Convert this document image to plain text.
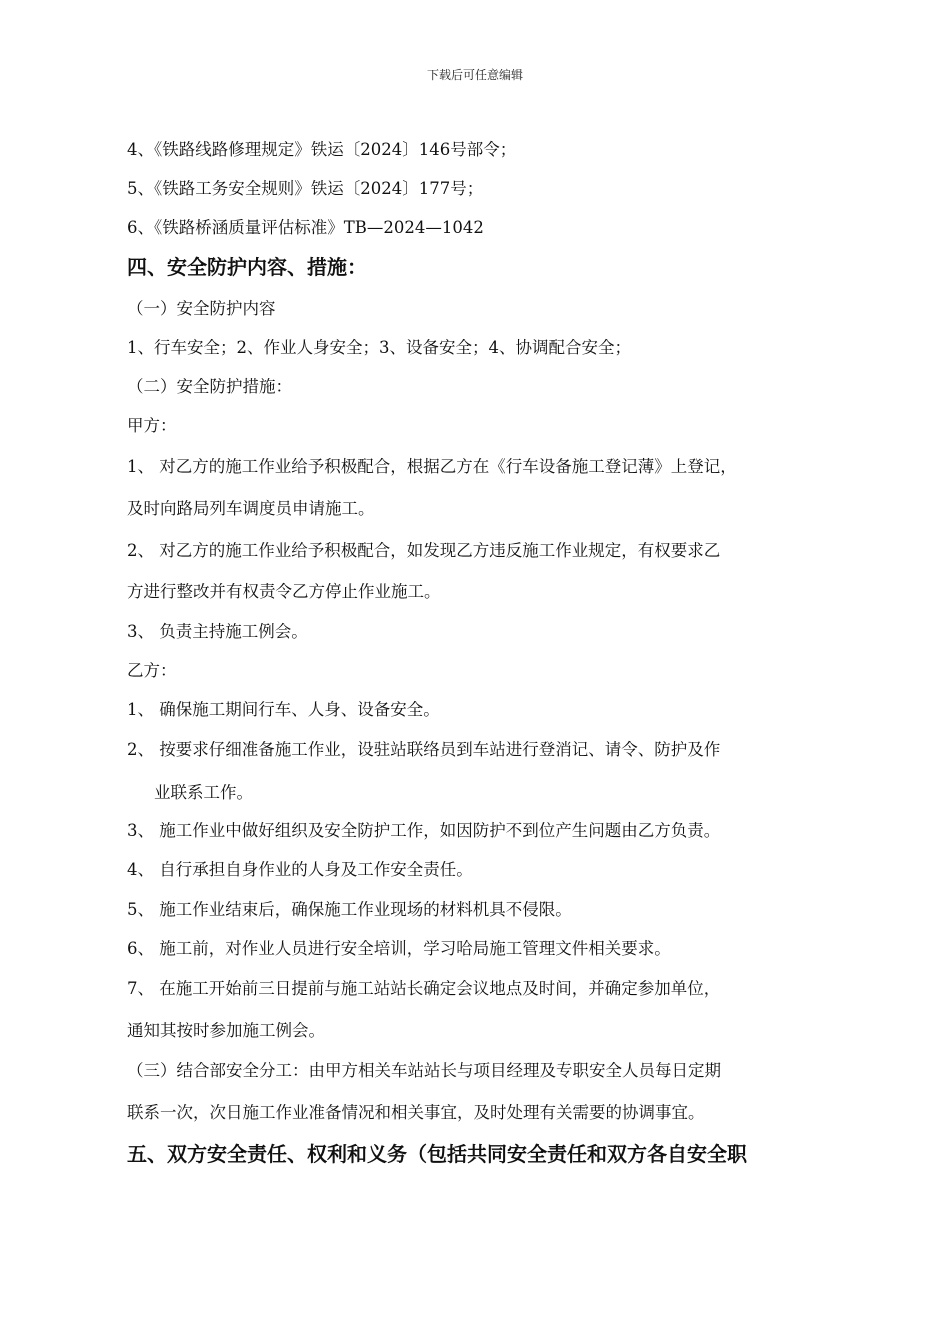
下载后可任意编辑
4、《铁路线路修理规定》铁运〔2024〕146号部令；
5、《铁路工务安全规则》铁运〔2024〕177号；
6、《铁路桥涵质量评估标准》TB—2024—1042
四、安全防护内容、措施：
（一）安全防护内容
1、行车安全；2、作业人身安全；3、设备安全；4、协调配合安全；
（二）安全防护措施：
甲方：
1、 对乙方的施工作业给予积极配合，根据乙方在《行车设备施工登记薄》上登记，
及时向路局列车调度员申请施工。
2、 对乙方的施工作业给予积极配合，如发现乙方违反施工作业规定，有权要求乙
方进行整改并有权责令乙方停止作业施工。
3、 负责主持施工例会。
乙方：
1、 确保施工期间行车、人身、设备安全。
2、 按要求仔细准备施工作业，设驻站联络员到车站进行登消记、请令、防护及作
业联系工作。
3、 施工作业中做好组织及安全防护工作，如因防护不到位产生问题由乙方负责。
4、 自行承担自身作业的人身及工作安全责任。
5、 施工作业结束后，确保施工作业现场的材料机具不侵限。
6、 施工前，对作业人员进行安全培训，学习哈局施工管理文件相关要求。
7、 在施工开始前三日提前与施工站站长确定会议地点及时间，并确定参加单位，
通知其按时参加施工例会。
（三）结合部安全分工：由甲方相关车站站长与项目经理及专职安全人员每日定期
联系一次，次日施工作业准备情况和相关事宜，及时处理有关需要的协调事宜。
五、双方安全责任、权利和义务（包括共同安全责任和双方各自安全职
